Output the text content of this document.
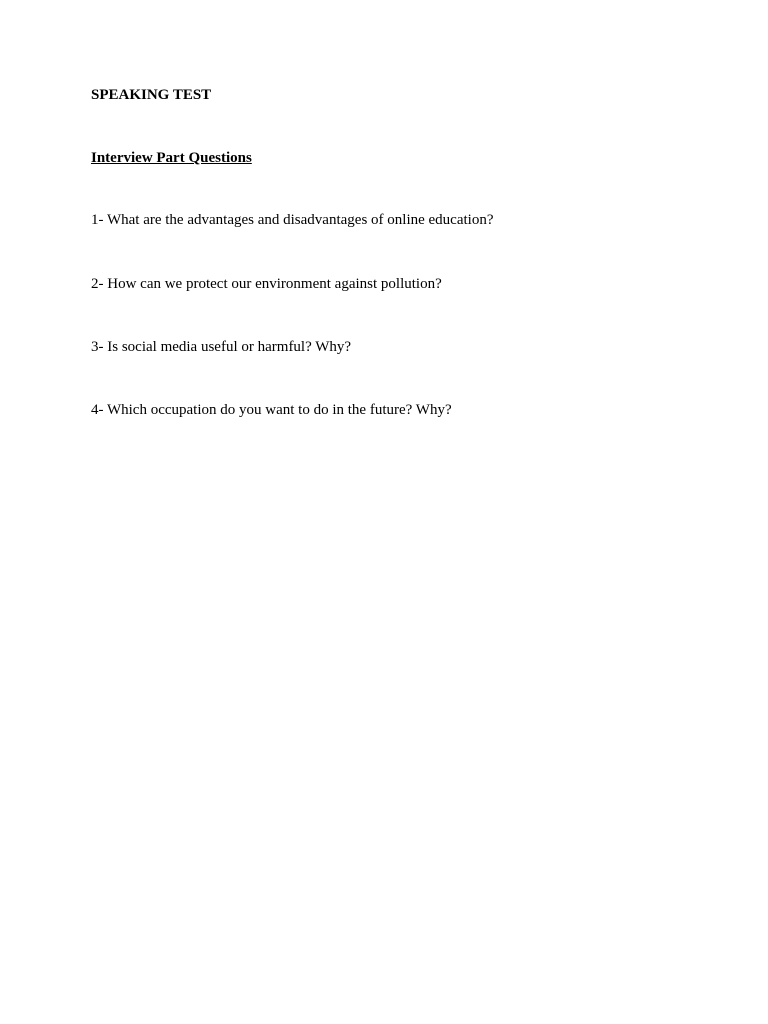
SPEAKING TEST
Interview Part Questions
1- What are the advantages and disadvantages of online education?
2- How can we protect our environment against pollution?
3- Is social media useful or harmful? Why?
4- Which occupation do you want to do in the future? Why?
